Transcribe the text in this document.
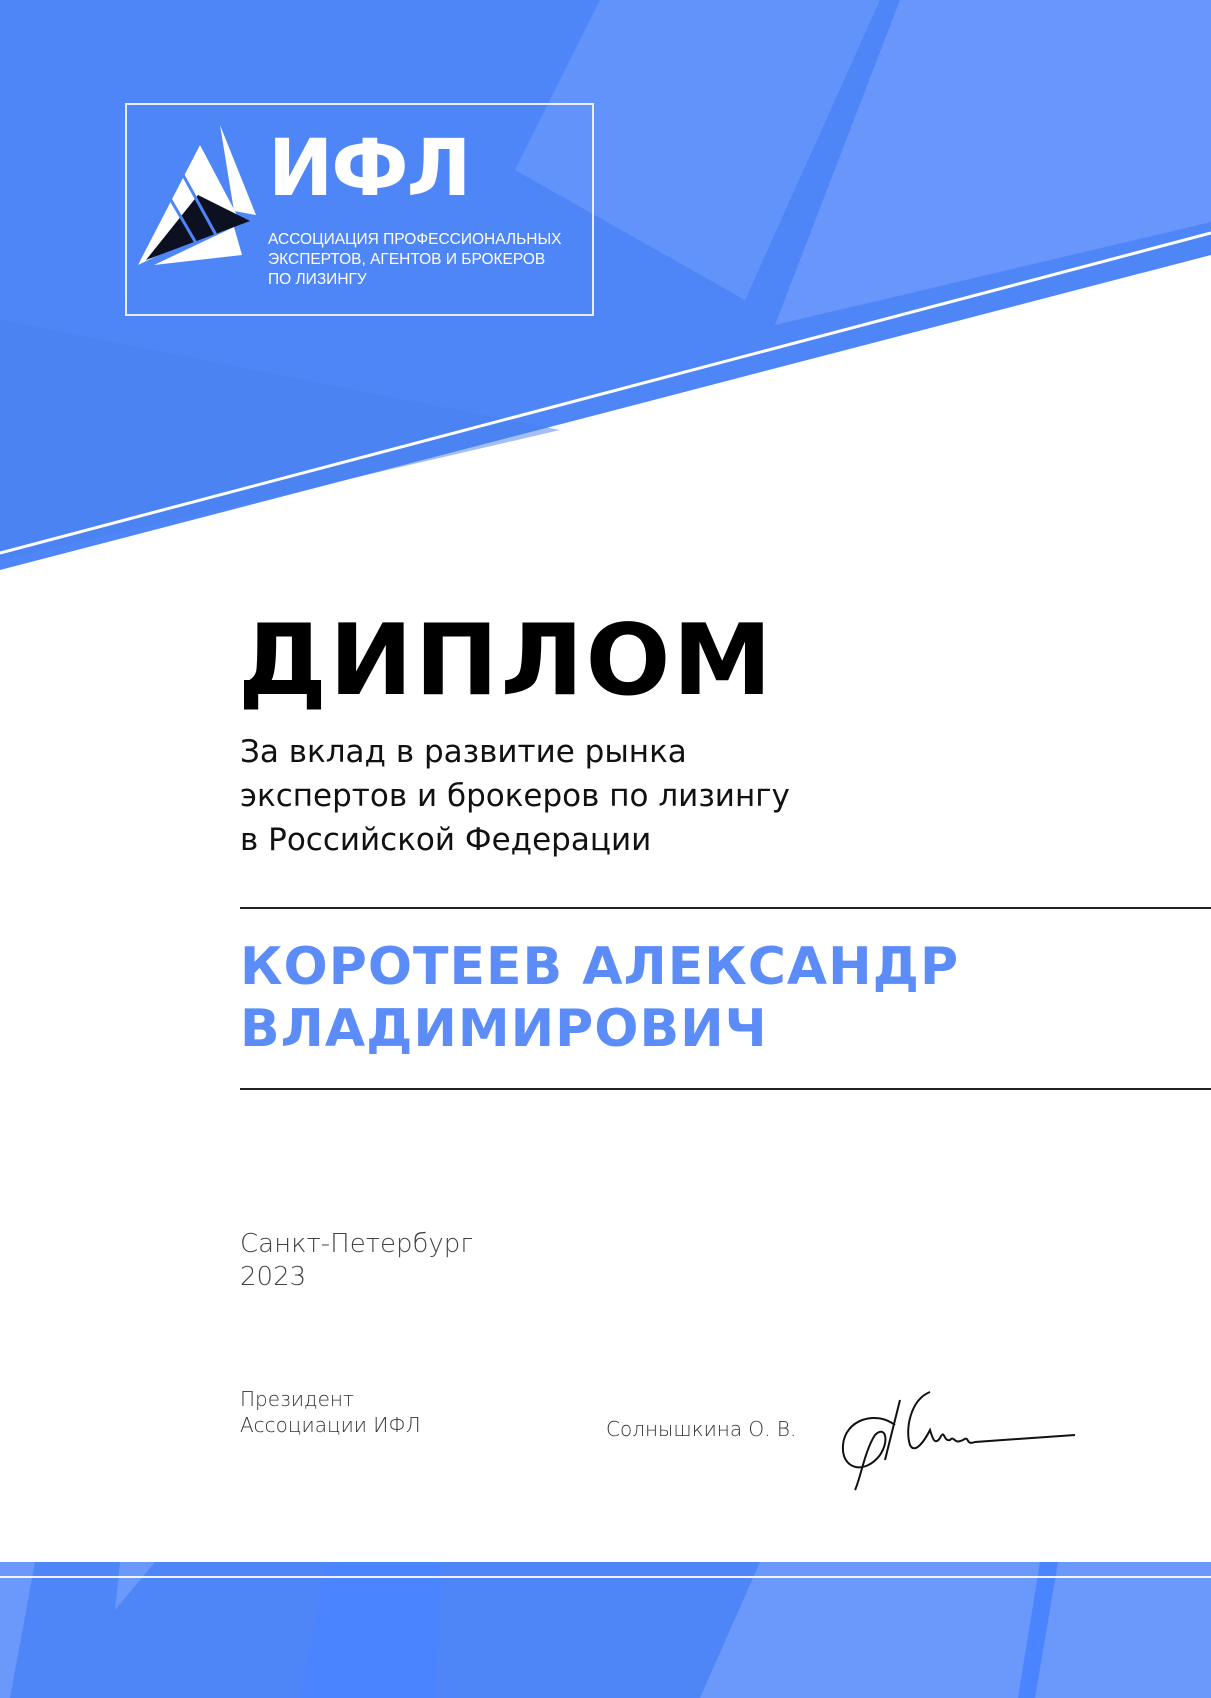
ИФЛ
АССОЦИАЦИЯ ПРОФЕССИОНАЛЬНЫХ
ЭКСПЕРТОВ, АГЕНТОВ И БРОКЕРОВ
ПО ЛИЗИНГУ
ДИПЛОМ
За вклад в развитие рынка
экспертов и брокеров по лизингу
в Российской Федерации
КОРОТЕЕВ АЛЕКСАНДР
ВЛАДИМИРОВИЧ
Санкт-Петербург
2023
Президент
Ассоциации ИФЛ	Солнышкина О. В.
